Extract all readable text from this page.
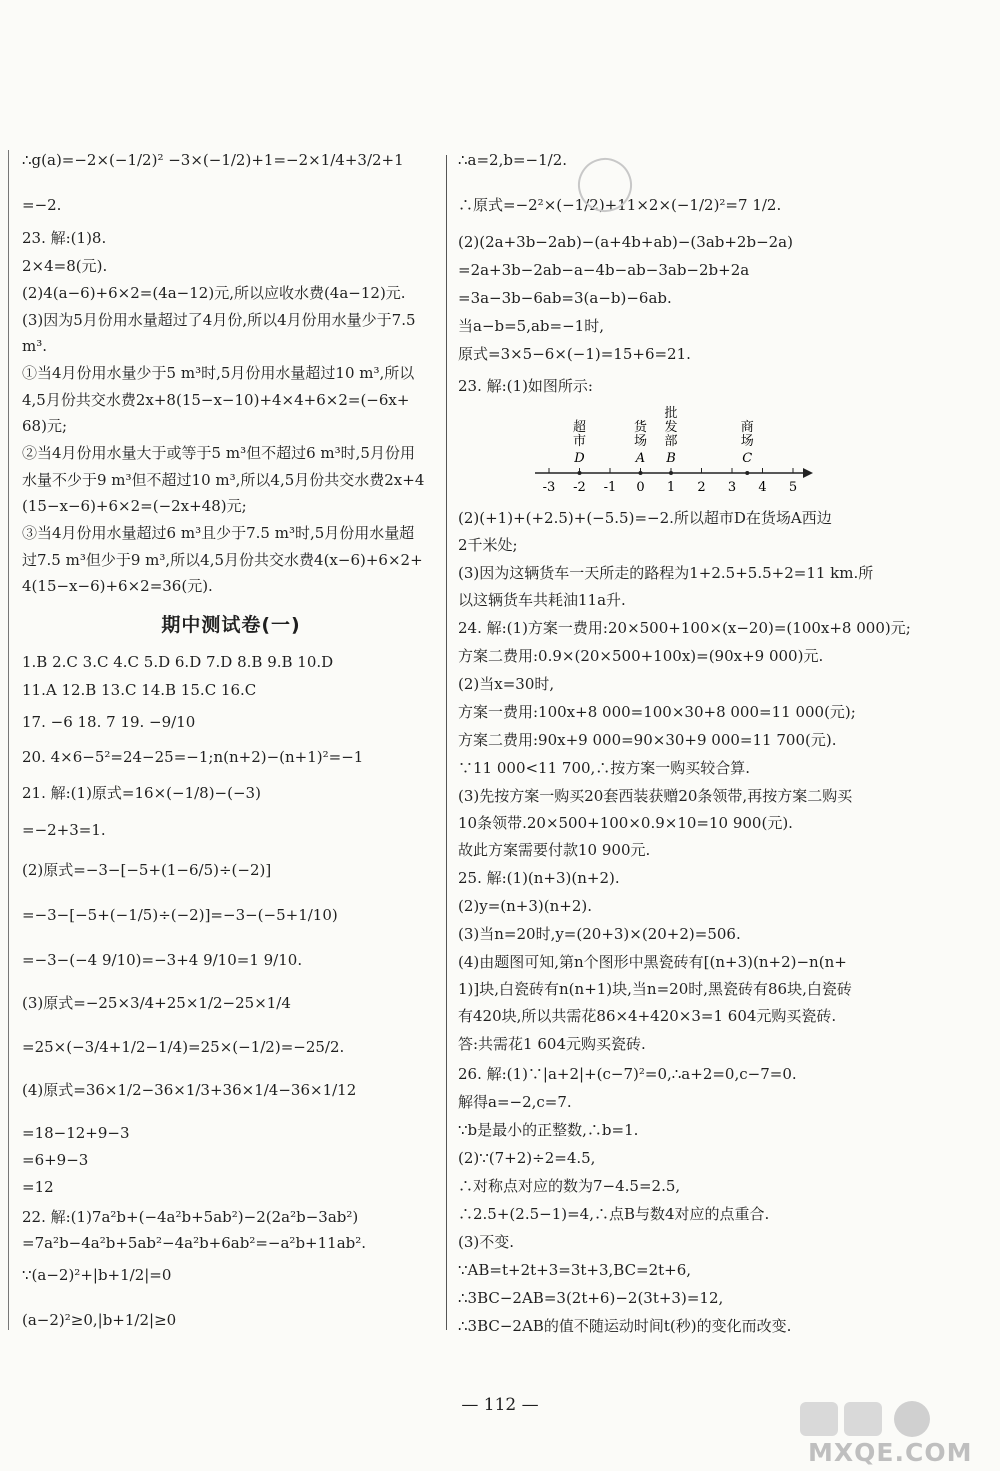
∴g(a)=−2×(−1/2)² −3×(−1/2)+1=−2×1/4+3/2+1
=−2.
23. 解:(1)8.
2×4=8(元).
(2)4(a−6)+6×2=(4a−12)元,所以应收水费(4a−12)元.
(3)因为5月份用水量超过了4月份,所以4月份用水量少于7.5
m³.
①当4月份用水量少于5 m³时,5月份用水量超过10 m³,所以
4,5月份共交水费2x+8(15−x−10)+4×4+6×2=(−6x+
68)元;
②当4月份用水量大于或等于5 m³但不超过6 m³时,5月份用
水量不少于9 m³但不超过10 m³,所以4,5月份共交水费2x+4
(15−x−6)+6×2=(−2x+48)元;
③当4月份用水量超过6 m³且少于7.5 m³时,5月份用水量超
过7.5 m³但少于9 m³,所以4,5月份共交水费4(x−6)+6×2+
4(15−x−6)+6×2=36(元).
1.B 2.C 3.C 4.C 5.D 6.D 7.D 8.B 9.B 10.D
11.A 12.B 13.C 14.B 15.C 16.C
17. −6 18. 7 19. −9/10
20. 4×6−5²=24−25=−1;n(n+2)−(n+1)²=−1
21. 解:(1)原式=16×(−1/8)−(−3)
=−2+3=1.
(2)原式=−3−[−5+(1−6/5)÷(−2)]
=−3−[−5+(−1/5)÷(−2)]=−3−(−5+1/10)
=−3−(−4 9/10)=−3+4 9/10=1 9/10.
(3)原式=−25×3/4+25×1/2−25×1/4
=25×(−3/4+1/2−1/4)=25×(−1/2)=−25/2.
(4)原式=36×1/2−36×1/3+36×1/4−36×1/12
=18−12+9−3
=6+9−3
=12
22. 解:(1)7a²b+(−4a²b+5ab²)−2(2a²b−3ab²)
=7a²b−4a²b+5ab²−4a²b+6ab²=−a²b+11ab².
∵(a−2)²+|b+1/2|=0
(a−2)²≥0,|b+1/2|≥0
∴a=2,b=−1/2.
∴原式=−2²×(−1/2)+11×2×(−1/2)²=7 1/2.
(2)(2a+3b−2ab)−(a+4b+ab)−(3ab+2b−2a)
=2a+3b−2ab−a−4b−ab−3ab−2b+2a
=3a−3b−6ab=3(a−b)−6ab.
当a−b=5,ab=−1时,
原式=3×5−6×(−1)=15+6=21.
23. 解:(1)如图所示:
(2)(+1)+(+2.5)+(−5.5)=−2.所以超市D在货场A西边
2千米处;
(3)因为这辆货车一天所走的路程为1+2.5+5.5+2=11 km.所
以这辆货车共耗油11a升.
24. 解:(1)方案一费用:20×500+100×(x−20)=(100x+8 000)元;
方案二费用:0.9×(20×500+100x)=(90x+9 000)元.
(2)当x=30时,
方案一费用:100x+8 000=100×30+8 000=11 000(元);
方案二费用:90x+9 000=90×30+9 000=11 700(元).
∵11 000<11 700,∴按方案一购买较合算.
(3)先按方案一购买20套西装获赠20条领带,再按方案二购买
10条领带.20×500+100×0.9×10=10 900(元).
故此方案需要付款10 900元.
25. 解:(1)(n+3)(n+2).
(2)y=(n+3)(n+2).
(3)当n=20时,y=(20+3)×(20+2)=506.
(4)由题图可知,第n个图形中黑瓷砖有[(n+3)(n+2)−n(n+
1)]块,白瓷砖有n(n+1)块,当n=20时,黑瓷砖有86块,白瓷砖
有420块,所以共需花86×4+420×3=1 604元购买瓷砖.
答:共需花1 604元购买瓷砖.
26. 解:(1)∵|a+2|+(c−7)²=0,∴a+2=0,c−7=0.
解得a=−2,c=7.
∵b是最小的正整数,∴b=1.
(2)∵(7+2)÷2=4.5,
∴对称点对应的数为7−4.5=2.5,
∴2.5+(2.5−1)=4,∴点B与数4对应的点重合.
(3)不变.
∵AB=t+2t+3=3t+3,BC=2t+6,
∴3BC−2AB=3(2t+6)−2(3t+3)=12,
∴3BC−2AB的值不随运动时间t(秒)的变化而改变.
期中测试卷(一)
超
市
D
货
场
A
批
发
部
B
商
场
C
-3 -2 -1 0 1 2 3 4 5
— 112 —
MXQE.COM
